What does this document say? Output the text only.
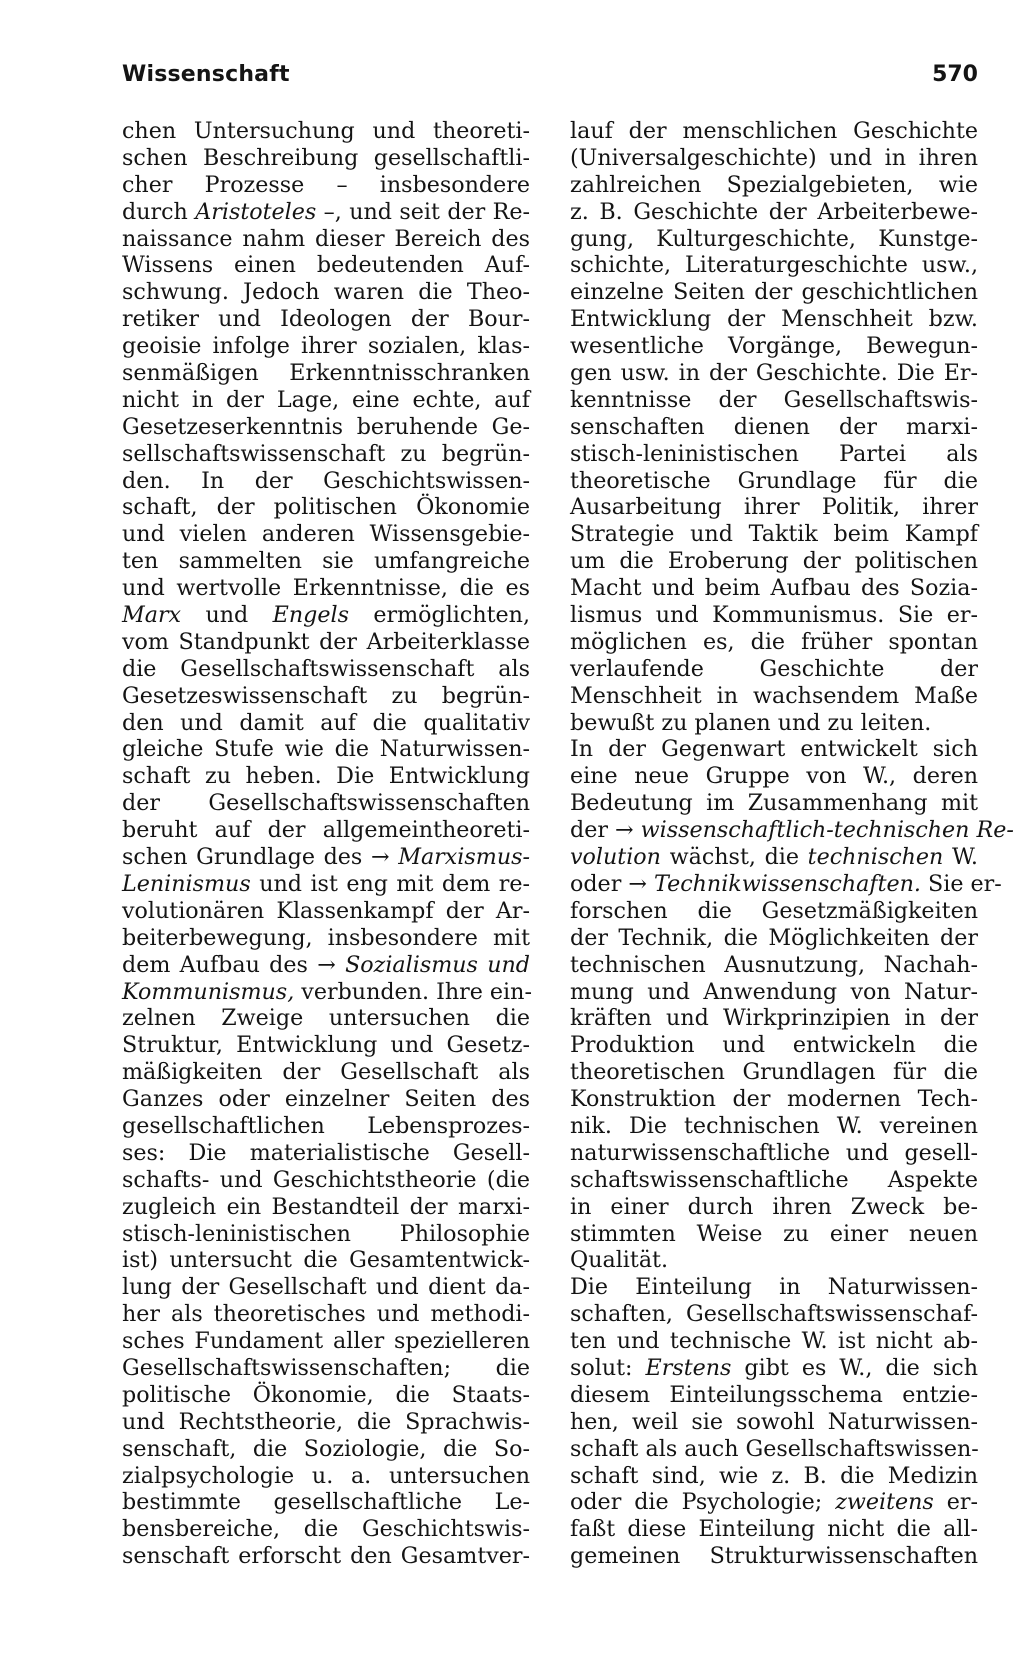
Wissenschaft	570
chen Untersuchung und theoreti-
schen Beschreibung gesellschaftli-
cher Prozesse – insbesondere
durch Aristoteles –, und seit der Re-
naissance nahm dieser Bereich des
Wissens einen bedeutenden Auf-
schwung. Jedoch waren die Theo-
retiker und Ideologen der Bour-
geoisie infolge ihrer sozialen, klas-
senmäßigen Erkenntnisschranken
nicht in der Lage, eine echte, auf
Gesetzeserkenntnis beruhende Ge-
sellschaftswissenschaft zu begrün-
den. In der Geschichtswissen-
schaft, der politischen Ökonomie
und vielen anderen Wissensgebie-
ten sammelten sie umfangreiche
und wertvolle Erkenntnisse, die es
Marx und Engels ermöglichten,
vom Standpunkt der Arbeiterklasse
die Gesellschaftswissenschaft als
Gesetzeswissenschaft zu begrün-
den und damit auf die qualitativ
gleiche Stufe wie die Naturwissen-
schaft zu heben. Die Entwicklung
der Gesellschaftswissenschaften
beruht auf der allgemeintheoreti-
schen Grundlage des → Marxismus-
Leninismus und ist eng mit dem re-
volutionären Klassenkampf der Ar-
beiterbewegung, insbesondere mit
dem Aufbau des → Sozialismus und
Kommunismus, verbunden. Ihre ein-
zelnen Zweige untersuchen die
Struktur, Entwicklung und Gesetz-
mäßigkeiten der Gesellschaft als
Ganzes oder einzelner Seiten des
gesellschaftlichen Lebensprozes-
ses: Die materialistische Gesell-
schafts- und Geschichtstheorie (die
zugleich ein Bestandteil der marxi-
stisch-leninistischen Philosophie
ist) untersucht die Gesamtentwick-
lung der Gesellschaft und dient da-
her als theoretisches und methodi-
sches Fundament aller spezielleren
Gesellschaftswissenschaften; die
politische Ökonomie, die Staats-
und Rechtstheorie, die Sprachwis-
senschaft, die Soziologie, die So-
zialpsychologie u. a. untersuchen
bestimmte gesellschaftliche Le-
bensbereiche, die Geschichtswis-
senschaft erforscht den Gesamtver-
lauf der menschlichen Geschichte
(Universalgeschichte) und in ihren
zahlreichen Spezialgebieten, wie
z. B. Geschichte der Arbeiterbewe-
gung, Kulturgeschichte, Kunstge-
schichte, Literaturgeschichte usw.,
einzelne Seiten der geschichtlichen
Entwicklung der Menschheit bzw.
wesentliche Vorgänge, Bewegun-
gen usw. in der Geschichte. Die Er-
kenntnisse der Gesellschaftswis-
senschaften dienen der marxi-
stisch-leninistischen Partei als
theoretische Grundlage für die
Ausarbeitung ihrer Politik, ihrer
Strategie und Taktik beim Kampf
um die Eroberung der politischen
Macht und beim Aufbau des Sozia-
lismus und Kommunismus. Sie er-
möglichen es, die früher spontan
verlaufende Geschichte der
Menschheit in wachsendem Maße
bewußt zu planen und zu leiten.
In der Gegenwart entwickelt sich
eine neue Gruppe von W., deren
Bedeutung im Zusammenhang mit
der → wissenschaftlich-technischen Re-
volution wächst, die technischen W.
oder → Technikwissenschaften. Sie er-
forschen die Gesetzmäßigkeiten
der Technik, die Möglichkeiten der
technischen Ausnutzung, Nachah-
mung und Anwendung von Natur-
kräften und Wirkprinzipien in der
Produktion und entwickeln die
theoretischen Grundlagen für die
Konstruktion der modernen Tech-
nik. Die technischen W. vereinen
naturwissenschaftliche und gesell-
schaftswissenschaftliche Aspekte
in einer durch ihren Zweck be-
stimmten Weise zu einer neuen
Qualität.
Die Einteilung in Naturwissen-
schaften, Gesellschaftswissenschaf-
ten und technische W. ist nicht ab-
solut: Erstens gibt es W., die sich
diesem Einteilungsschema entzie-
hen, weil sie sowohl Naturwissen-
schaft als auch Gesellschaftswissen-
schaft sind, wie z. B. die Medizin
oder die Psychologie; zweitens er-
faßt diese Einteilung nicht die all-
gemeinen Strukturwissenschaften
